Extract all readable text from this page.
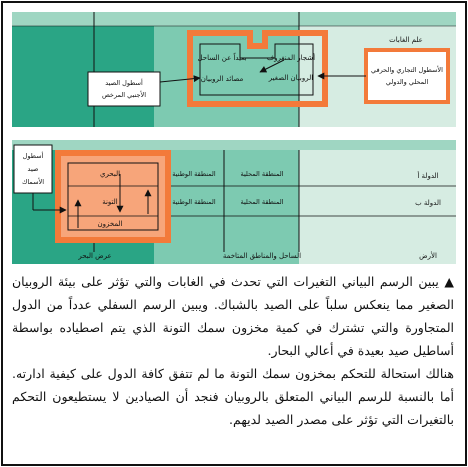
علم الغابات
الأسطول التجاري والحرفي
المحلي والدولي
أشجار المنغروف
الروبيان الصغير
بعيداً عن الساحل
مصائد الروبيان
أسطول الصيد
الأجنبي المرخص
الدولة أ
الدولة ب
المنطقة المحلية
المنطقة المحلية
المنطقة الوطنية
المنطقة الوطنية
أسطول
صيد
الأسماك
البحري
التونة
المخزون
الأرض
الساحل والمناطق المتاخمة
عرض البحر

▲ يبين الرسم البياني التغيرات التي تحدث في الغابات والتي تؤثر على بيئة الروبيان الصغير مما ينعكس سلباً على الصيد بالشباك. ويبين الرسم السفلي عدداً من الدول المتجاورة والتي تشترك في كمية مخزون سمك التونة الذي يتم اصطياده بواسطة أساطيل صيد بعيدة في أعالي البحار.

هنالك استحالة للتحكم بمخزون سمك التونة ما لم تتفق كافة الدول على كيفية ادارته. أما بالنسبة للرسم البياني المتعلق بالروبيان فنجد أن الصيادين لا يستطيعون التحكم بالتغيرات التي تؤثر على مصدر الصيد لديهم.
